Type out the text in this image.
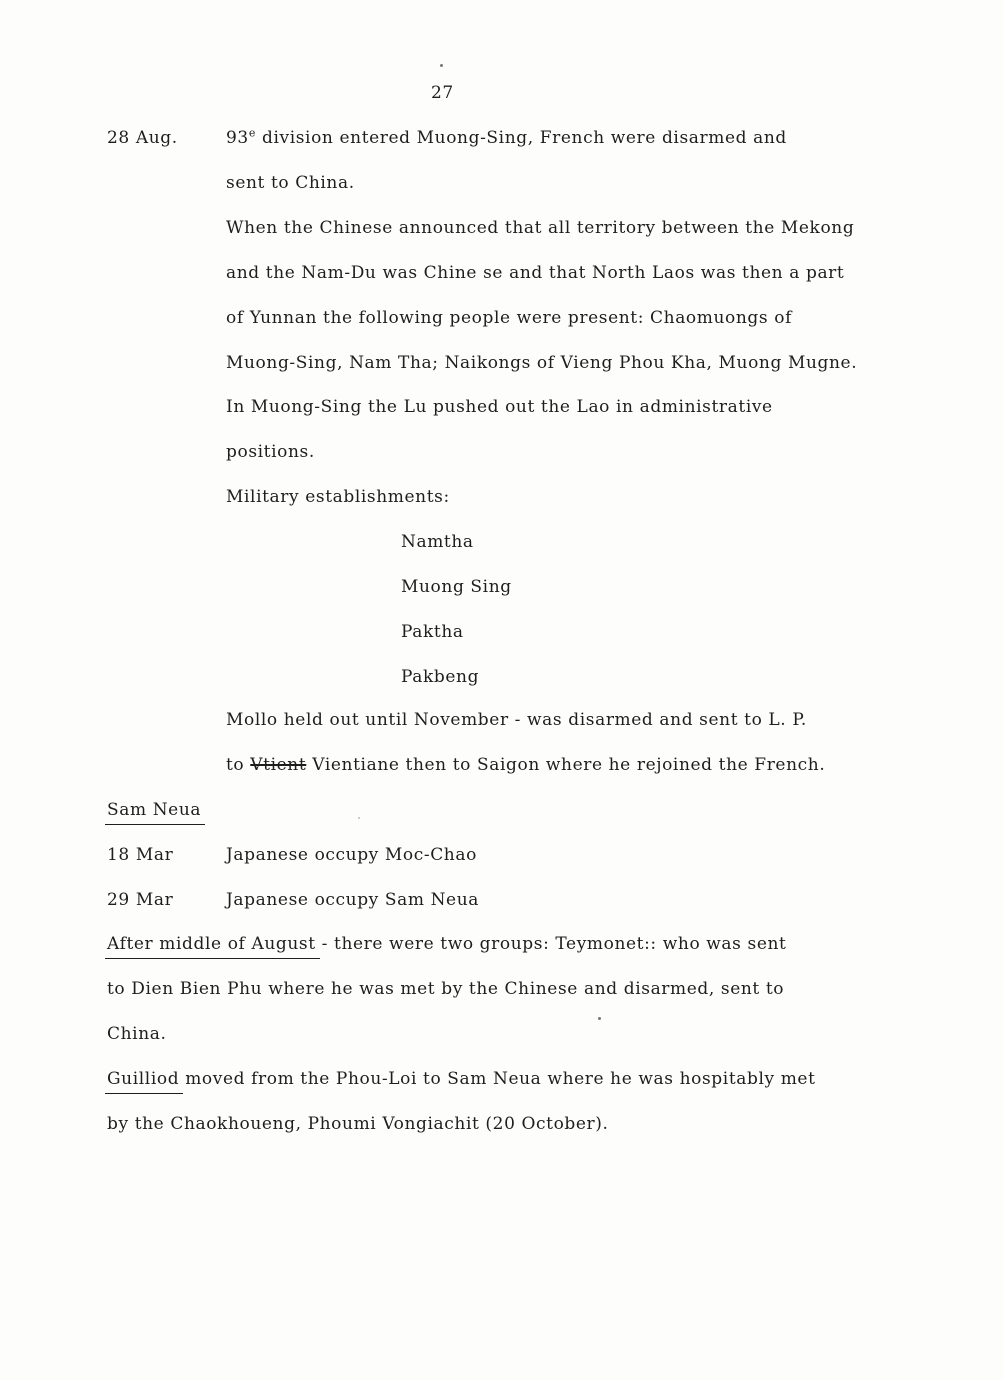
27
28 Aug.	93e division entered Muong-Sing, French were disarmed and
sent to China.
When the Chinese announced that all territory between the Mekong
and the Nam-Du was Chine se and that North Laos was then a part
of Yunnan the following people were present: Chaomuongs of
Muong-Sing, Nam Tha; Naikongs of Vieng Phou Kha, Muong Mugne.
In Muong-Sing the Lu pushed out the Lao in administrative
positions.
Military establishments:
Namtha
Muong Sing
Paktha
Pakbeng
Mollo held out until November - was disarmed and sent to L. P.
to Vtient Vientiane then to Saigon where he rejoined the French.
Sam Neua
18 Mar	Japanese occupy Moc-Chao
29 Mar	Japanese occupy Sam Neua
After middle of August - there were two groups: Teymonet:: who was sent
to Dien Bien Phu where he was met by the Chinese and disarmed, sent to
China.
Guilliod moved from the Phou-Loi to Sam Neua where he was hospitably met
by the Chaokhoueng, Phoumi Vongiachit (20 October).
